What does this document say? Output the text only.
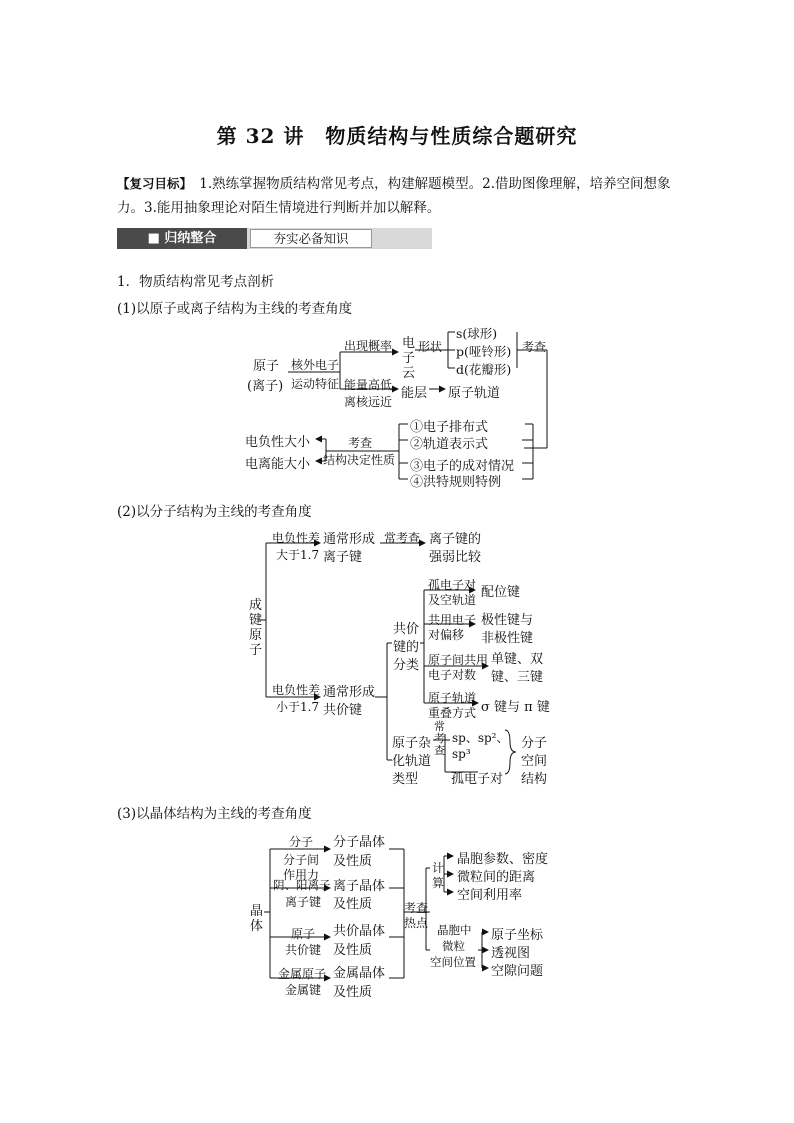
第 32 讲　物质结构与性质综合题研究
【复习目标】　1.熟练掌握物质结构常见考点，构建解题模型。2.借助图像理解，培养空间想象力。3.能用抽象理论对陌生情境进行判断并加以解释。
■ 归纳整合	夯实必备知识
1．物质结构常见考点剖析
(1)以原子或离子结构为主线的考查角度
(2)以分子结构为主线的考查角度
(3)以晶体结构为主线的考查角度
原子
(离子)
核外电子
运动特征
出现概率
能量高低
离核远近
电
子
云
形状
s(球形)
p(哑铃形)
d(花瓣形)
考查
能层 原子轨道
电负性大小
电离能大小
考查
结构决定性质
①电子排布式
②轨道表示式
③电子的成对情况
④洪特规则特例
成
键
原
子
电负性差
大于1.7
通常形成
离子键
常考查 离子键的
强弱比较
电负性差
小于1.7
通常形成
共价键
共价
键的
分类
孤电子对
及空轨道 配位键
共用电子
对偏移
极性键与
非极性键
原子间共用
电子对数
单键、双
键、三键
原子轨道
重叠方式 σ 键与 π 键
原子杂
化轨道
类型
常
考
查
sp、sp²、
sp³
孤电子对
分子
空间
结构
晶
体
分子
分子间
作用力
分子晶体
及性质
阴、阳离子
离子键
离子晶体
及性质
原子
共价键
共价晶体
及性质
金属原子
金属键
金属晶体
及性质
考查
热点
计
算
晶胞参数、密度
微粒间的距离
空间利用率
晶胞中
微粒
空间位置
原子坐标
透视图
空隙问题
